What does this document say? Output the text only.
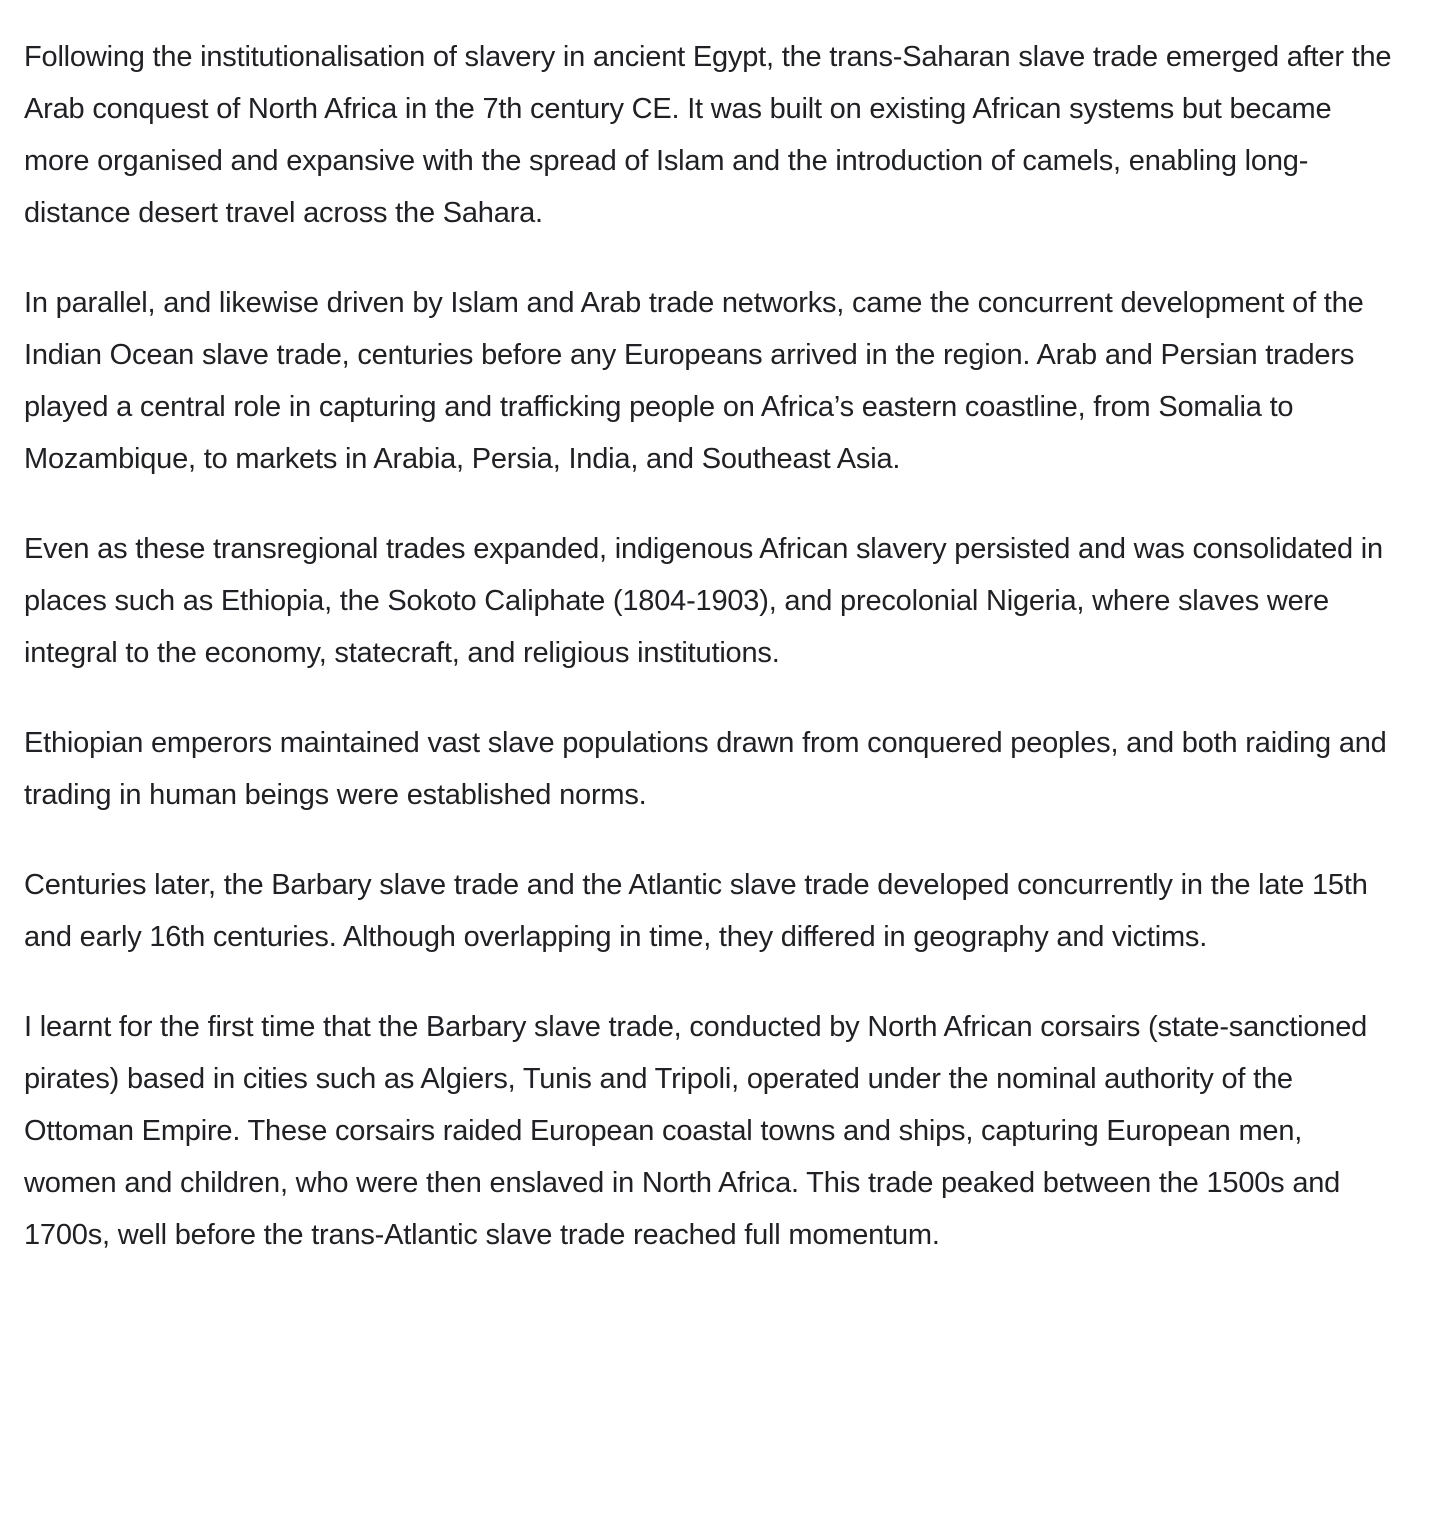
Following the institutionalisation of slavery in ancient Egypt, the trans-Saharan slave trade emerged after the Arab conquest of North Africa in the 7th century CE. It was built on existing African systems but became more organised and expansive with the spread of Islam and the introduction of camels, enabling long-distance desert travel across the Sahara.

In parallel, and likewise driven by Islam and Arab trade networks, came the concurrent development of the Indian Ocean slave trade, centuries before any Europeans arrived in the region. Arab and Persian traders played a central role in capturing and trafficking people on Africa’s eastern coastline, from Somalia to Mozambique, to markets in Arabia, Persia, India, and Southeast Asia.

Even as these transregional trades expanded, indigenous African slavery persisted and was consolidated in places such as Ethiopia, the Sokoto Caliphate (1804-1903), and precolonial Nigeria, where slaves were integral to the economy, statecraft, and religious institutions.

Ethiopian emperors maintained vast slave populations drawn from conquered peoples, and both raiding and trading in human beings were established norms.

Centuries later, the Barbary slave trade and the Atlantic slave trade developed concurrently in the late 15th and early 16th centuries. Although overlapping in time, they differed in geography and victims.

I learnt for the first time that the Barbary slave trade, conducted by North African corsairs (state-sanctioned pirates) based in cities such as Algiers, Tunis and Tripoli, operated under the nominal authority of the Ottoman Empire. These corsairs raided European coastal towns and ships, capturing European men, women and children, who were then enslaved in North Africa. This trade peaked between the 1500s and 1700s, well before the trans-Atlantic slave trade reached full momentum.
